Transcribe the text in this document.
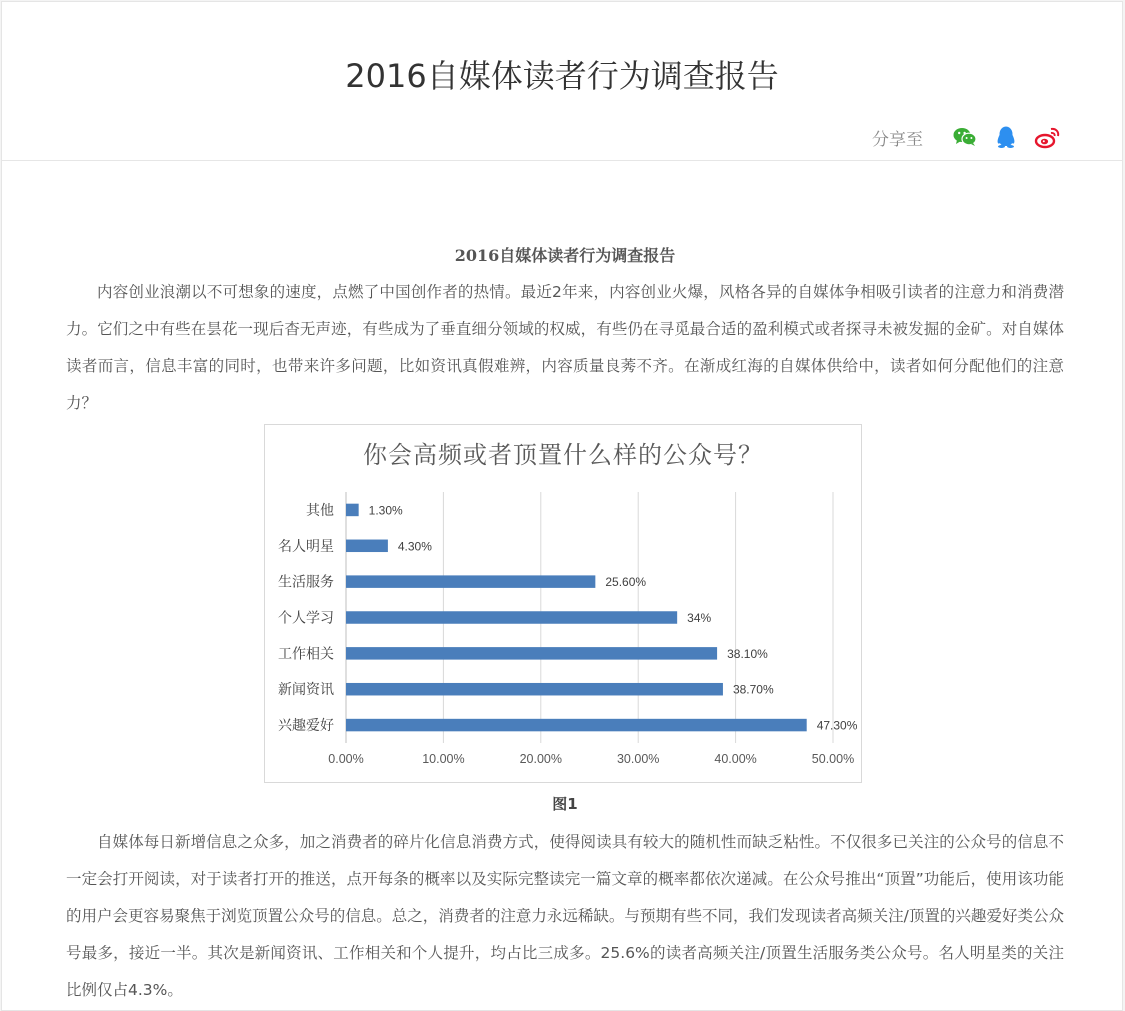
2016自媒体读者行为调查报告
分享至
2016自媒体读者行为调查报告

内容创业浪潮以不可想象的速度，点燃了中国创作者的热情。最近2年来，内容创业火爆，风格各异的自媒体争相吸引读者的注意力和消费潜力。它们之中有些在昙花一现后杳无声迹，有些成为了垂直细分领域的权威，有些仍在寻觅最合适的盈利模式或者探寻未被发掘的金矿。对自媒体读者而言，信息丰富的同时，也带来许多问题，比如资讯真假难辨，内容质量良莠不齐。在渐成红海的自媒体供给中，读者如何分配他们的注意力？

你会高频或者顶置什么样的公众号？
0.00%	10.00%	20.00%	30.00%	40.00%	50.00%
其他	1.30%
名人明星	4.30%
生活服务	25.60%
个人学习	34%
工作相关	38.10%
新闻资讯	38.70%
兴趣爱好	47.30%
图1

自媒体每日新增信息之众多，加之消费者的碎片化信息消费方式，使得阅读具有较大的随机性而缺乏粘性。不仅很多已关注的公众号的信息不一定会打开阅读，对于读者打开的推送，点开每条的概率以及实际完整读完一篇文章的概率都依次递减。在公众号推出“顶置”功能后，使用该功能的用户会更容易聚焦于浏览顶置公众号的信息。总之，消费者的注意力永远稀缺。与预期有些不同，我们发现读者高频关注/顶置的兴趣爱好类公众号最多，接近一半。其次是新闻资讯、工作相关和个人提升，均占比三成多。25.6%的读者高频关注/顶置生活服务类公众号。名人明星类的关注比例仅占4.3%。
